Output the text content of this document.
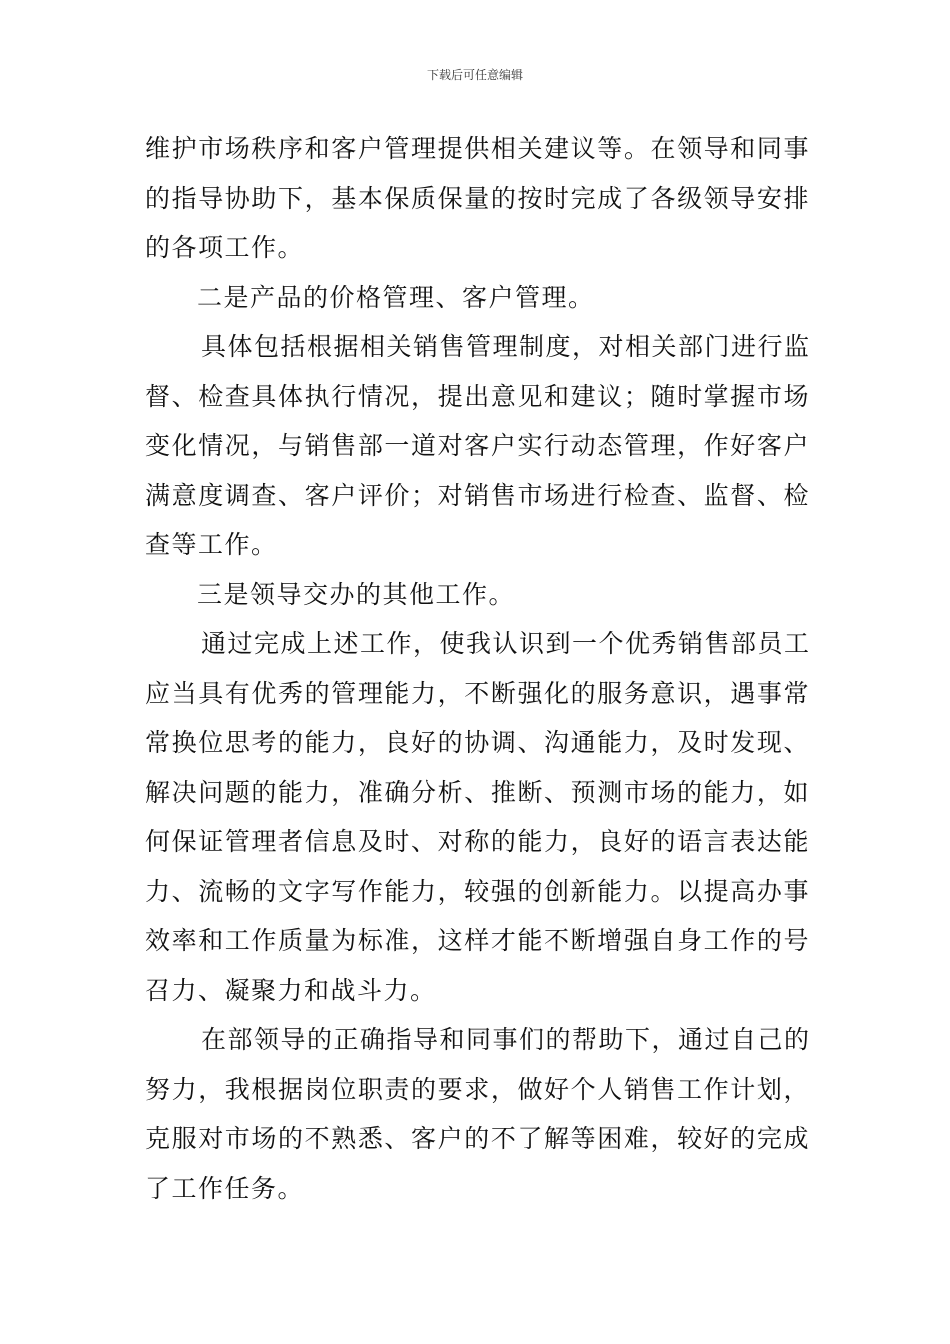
下载后可任意编辑
维护市场秩序和客户管理提供相关建议等。在领导和同事
的指导协助下，基本保质保量的按时完成了各级领导安排
的各项工作。
二是产品的价格管理、客户管理。
具体包括根据相关销售管理制度，对相关部门进行监
督、检查具体执行情况，提出意见和建议；随时掌握市场
变化情况，与销售部一道对客户实行动态管理，作好客户
满意度调查、客户评价；对销售市场进行检查、监督、检
查等工作。
三是领导交办的其他工作。
通过完成上述工作，使我认识到一个优秀销售部员工
应当具有优秀的管理能力，不断强化的服务意识，遇事常
常换位思考的能力，良好的协调、沟通能力，及时发现、
解决问题的能力，准确分析、推断、预测市场的能力，如
何保证管理者信息及时、对称的能力，良好的语言表达能
力、流畅的文字写作能力，较强的创新能力。以提高办事
效率和工作质量为标准，这样才能不断增强自身工作的号
召力、凝聚力和战斗力。
在部领导的正确指导和同事们的帮助下，通过自己的
努力，我根据岗位职责的要求，做好个人销售工作计划，
克服对市场的不熟悉、客户的不了解等困难，较好的完成
了工作任务。
